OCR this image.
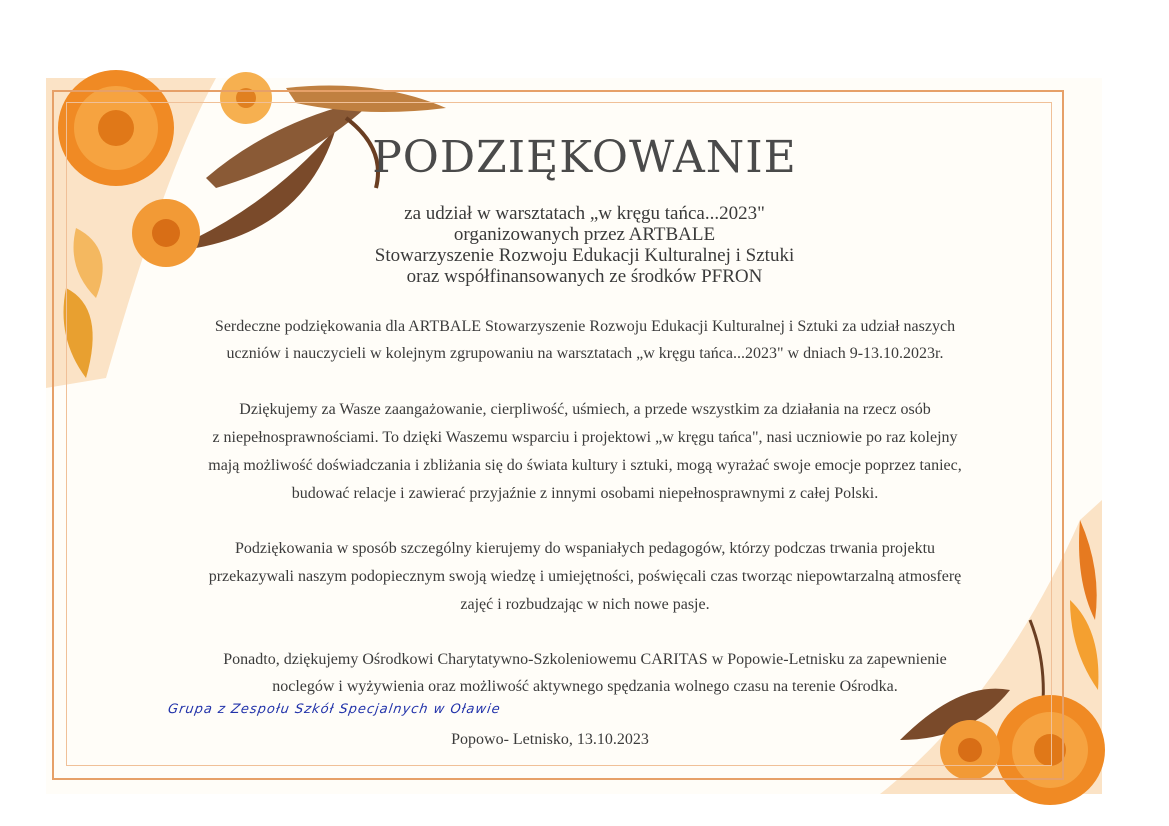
PODZIĘKOWANIE
za udział w warsztatach „w kręgu tańca...2023"
organizowanych przez ARTBALE
Stowarzyszenie Rozwoju Edukacji Kulturalnej i Sztuki
oraz współfinansowanych ze środków PFRON
Serdeczne podziękowania dla ARTBALE Stowarzyszenie Rozwoju Edukacji Kulturalnej i Sztuki za udział naszych
uczniów i nauczycieli w kolejnym zgrupowaniu na warsztatach „w kręgu tańca...2023" w dniach 9-13.10.2023r.
Dziękujemy za Wasze zaangażowanie, cierpliwość, uśmiech, a przede wszystkim za działania na rzecz osób
z niepełnosprawnościami. To dzięki Waszemu wsparciu i projektowi „w kręgu tańca", nasi uczniowie po raz kolejny
mają możliwość doświadczania i zbliżania się do świata kultury i sztuki, mogą wyrażać swoje emocje poprzez taniec,
budować relacje i zawierać przyjaźnie z innymi osobami niepełnosprawnymi z całej Polski.
Podziękowania w sposób szczególny kierujemy do wspaniałych pedagogów, którzy podczas trwania projektu
przekazywali naszym podopiecznym swoją wiedzę i umiejętności, poświęcali czas tworząc niepowtarzalną atmosferę
zajęć i rozbudzając w nich nowe pasje.
Ponadto, dziękujemy Ośrodkowi Charytatywno-Szkoleniowemu CARITAS w Popowie-Letnisku za zapewnienie
noclegów i wyżywienia oraz możliwość aktywnego spędzania wolnego czasu na terenie Ośrodka.
Grupa z Zespołu Szkół Specjalnych w Oławie
Popowo- Letnisko, 13.10.2023
